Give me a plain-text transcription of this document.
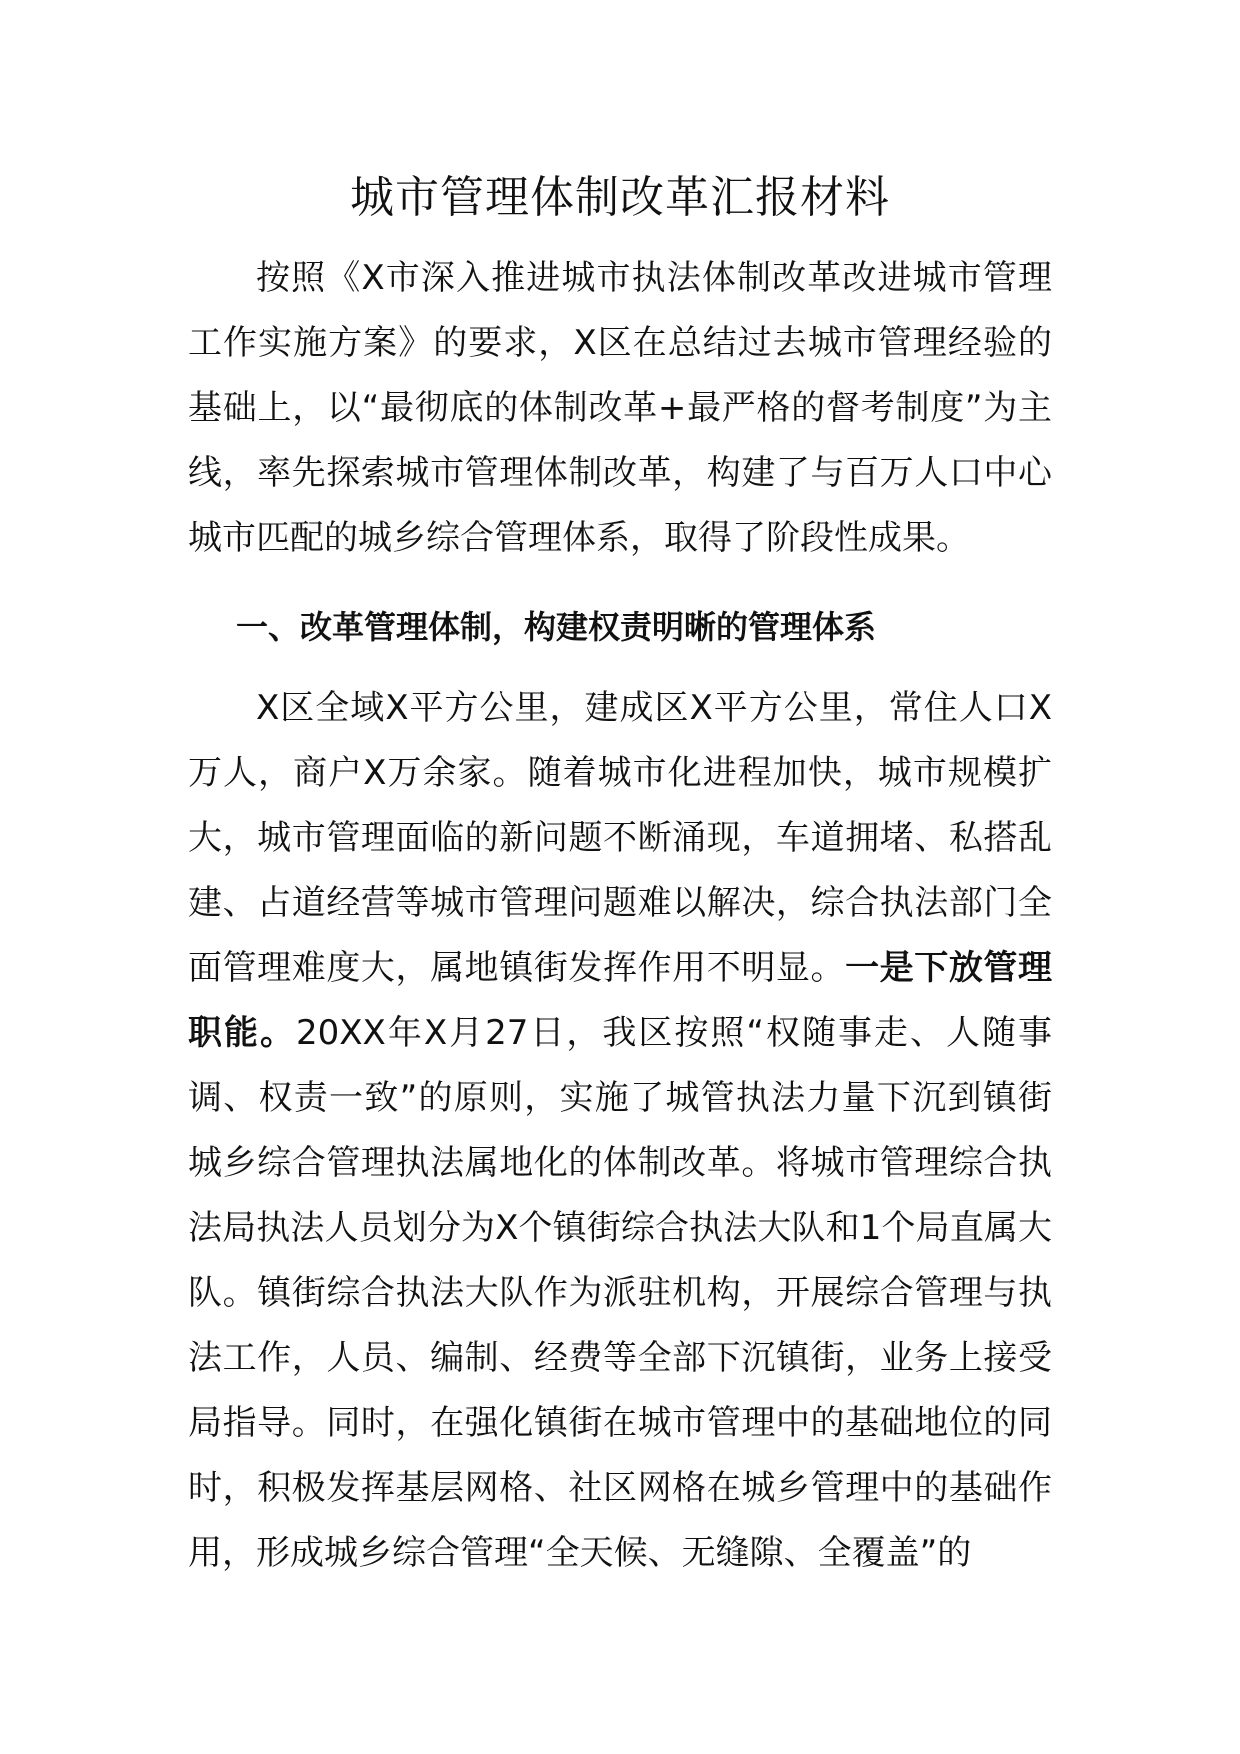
城市管理体制改革汇报材料

按照《X市深入推进城市执法体制改革改进城市管理工作实施方案》的要求，X区在总结过去城市管理经验的基础上，以“最彻底的体制改革+最严格的督考制度”为主线，率先探索城市管理体制改革，构建了与百万人口中心城市匹配的城乡综合管理体系，取得了阶段性成果。

一、改革管理体制，构建权责明晰的管理体系

X区全域X平方公里，建成区X平方公里，常住人口X万人，商户X万余家。随着城市化进程加快，城市规模扩大，城市管理面临的新问题不断涌现，车道拥堵、私搭乱建、占道经营等城市管理问题难以解决，综合执法部门全面管理难度大，属地镇街发挥作用不明显。一是下放管理职能。20XX年X月27日，我区按照“权随事走、人随事调、权责一致”的原则，实施了城管执法力量下沉到镇街城乡综合管理执法属地化的体制改革。将城市管理综合执法局执法人员划分为X个镇街综合执法大队和1个局直属大队。镇街综合执法大队作为派驻机构，开展综合管理与执法工作，人员、编制、经费等全部下沉镇街，业务上接受局指导。同时，在强化镇街在城市管理中的基础地位的同时，积极发挥基层网格、社区网格在城乡管理中的基础作用，形成城乡综合管理“全天候、无缝隙、全覆盖”的
